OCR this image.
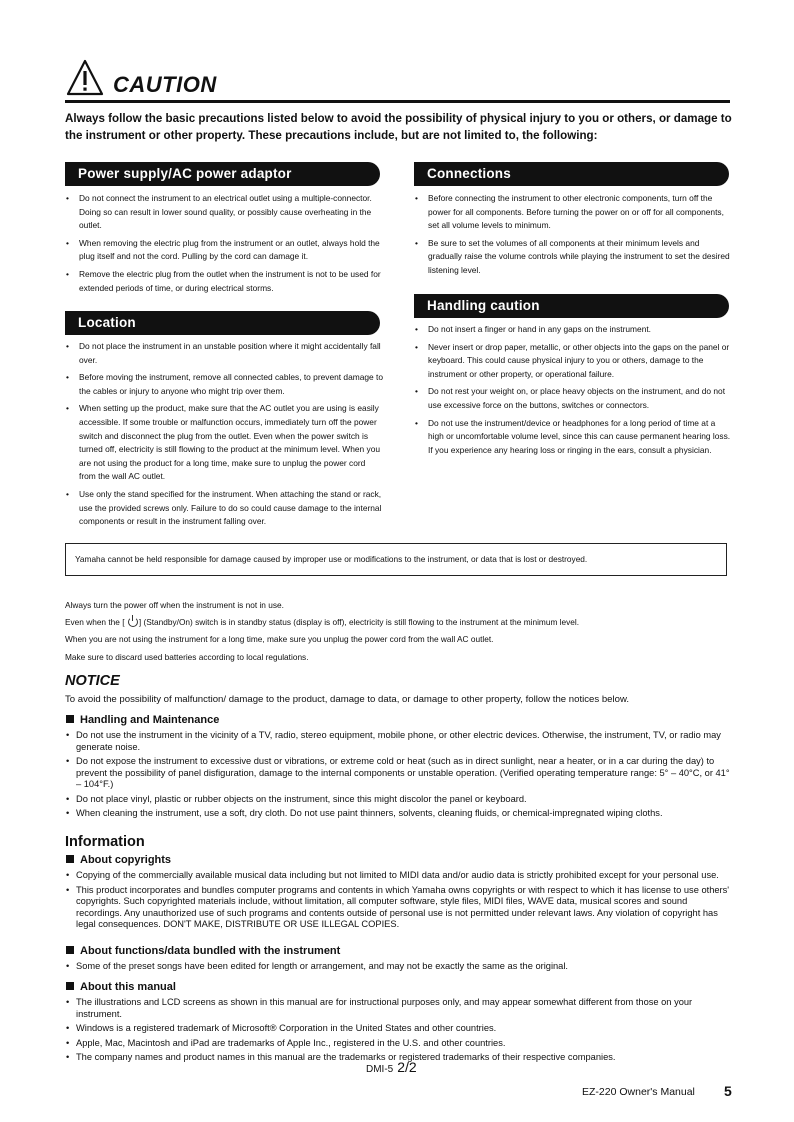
CAUTION
Always follow the basic precautions listed below to avoid the possibility of physical injury to you or others, or damage to the instrument or other property. These precautions include, but are not limited to, the following:
Power supply/AC power adaptor
• Do not connect the instrument to an electrical outlet using a multiple-connector. Doing so can result in lower sound quality, or possibly cause overheating in the outlet.
• When removing the electric plug from the instrument or an outlet, always hold the plug itself and not the cord. Pulling by the cord can damage it.
• Remove the electric plug from the outlet when the instrument is not to be used for extended periods of time, or during electrical storms.
Location
• Do not place the instrument in an unstable position where it might accidentally fall over.
• Before moving the instrument, remove all connected cables, to prevent damage to the cables or injury to anyone who might trip over them.
• When setting up the product, make sure that the AC outlet you are using is easily accessible. If some trouble or malfunction occurs, immediately turn off the power switch and disconnect the plug from the outlet. Even when the power switch is turned off, electricity is still flowing to the product at the minimum level. When you are not using the product for a long time, make sure to unplug the power cord from the wall AC outlet.
• Use only the stand specified for the instrument. When attaching the stand or rack, use the provided screws only. Failure to do so could cause damage to the internal components or result in the instrument falling over.
Connections
• Before connecting the instrument to other electronic components, turn off the power for all components. Before turning the power on or off for all components, set all volume levels to minimum.
• Be sure to set the volumes of all components at their minimum levels and gradually raise the volume controls while playing the instrument to set the desired listening level.
Handling caution
• Do not insert a finger or hand in any gaps on the instrument.
• Never insert or drop paper, metallic, or other objects into the gaps on the panel or keyboard. This could cause physical injury to you or others, damage to the instrument or other property, or operational failure.
• Do not rest your weight on, or place heavy objects on the instrument, and do not use excessive force on the buttons, switches or connectors.
• Do not use the instrument/device or headphones for a long period of time at a high or uncomfortable volume level, since this can cause permanent hearing loss. If you experience any hearing loss or ringing in the ears, consult a physician.
Yamaha cannot be held responsible for damage caused by improper use or modifications to the instrument, or data that is lost or destroyed.
Always turn the power off when the instrument is not in use.
Even when the [ ] (Standby/On) switch is in standby status (display is off), electricity is still flowing to the instrument at the minimum level.
When you are not using the instrument for a long time, make sure you unplug the power cord from the wall AC outlet.
Make sure to discard used batteries according to local regulations.
NOTICE
To avoid the possibility of malfunction/ damage to the product, damage to data, or damage to other property, follow the notices below.
Handling and Maintenance
• Do not use the instrument in the vicinity of a TV, radio, stereo equipment, mobile phone, or other electric devices. Otherwise, the instrument, TV, or radio may generate noise.
• Do not expose the instrument to excessive dust or vibrations, or extreme cold or heat (such as in direct sunlight, near a heater, or in a car during the day) to prevent the possibility of panel disfiguration, damage to the internal components or unstable operation. (Verified operating temperature range: 5° – 40°C, or 41° – 104°F.)
• Do not place vinyl, plastic or rubber objects on the instrument, since this might discolor the panel or keyboard.
• When cleaning the instrument, use a soft, dry cloth. Do not use paint thinners, solvents, cleaning fluids, or chemical-impregnated wiping cloths.
Information
About copyrights
• Copying of the commercially available musical data including but not limited to MIDI data and/or audio data is strictly prohibited except for your personal use.
• This product incorporates and bundles computer programs and contents in which Yamaha owns copyrights or with respect to which it has license to use others' copyrights. Such copyrighted materials include, without limitation, all computer software, style files, MIDI files, WAVE data, musical scores and sound recordings. Any unauthorized use of such programs and contents outside of personal use is not permitted under relevant laws. Any violation of copyright has legal consequences. DON'T MAKE, DISTRIBUTE OR USE ILLEGAL COPIES.
About functions/data bundled with the instrument
• Some of the preset songs have been edited for length or arrangement, and may not be exactly the same as the original.
About this manual
• The illustrations and LCD screens as shown in this manual are for instructional purposes only, and may appear somewhat different from those on your instrument.
• Windows is a registered trademark of Microsoft® Corporation in the United States and other countries.
• Apple, Mac, Macintosh and iPad are trademarks of Apple Inc., registered in the U.S. and other countries.
• The company names and product names in this manual are the trademarks or registered trademarks of their respective companies.
DMI-5 2/2
EZ-220 Owner's Manual 5
